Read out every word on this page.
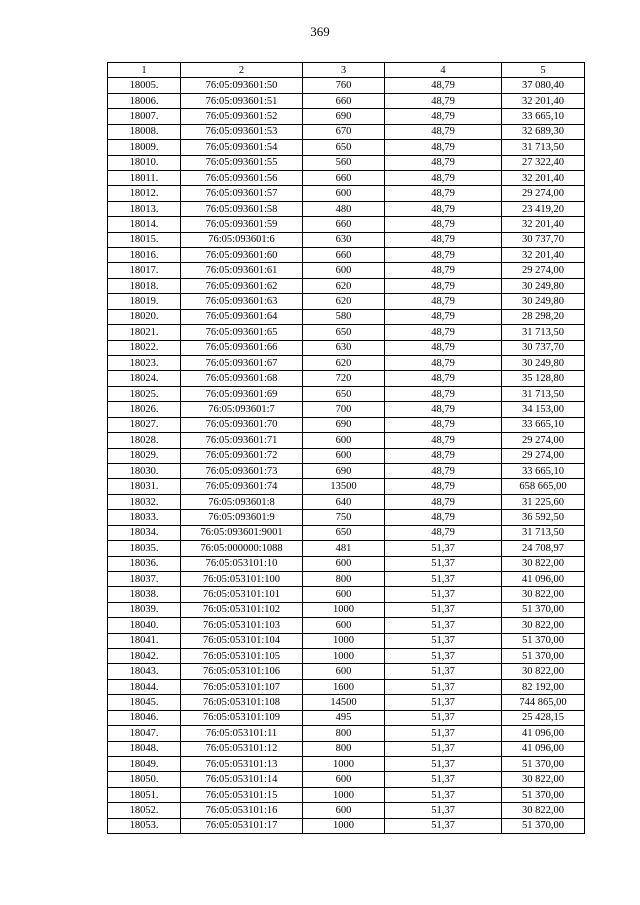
369
1	2	3	4	5
18005.	76:05:093601:50	760	48,79	37 080,40
18006.	76:05:093601:51	660	48,79	32 201,40
18007.	76:05:093601:52	690	48,79	33 665,10
18008.	76:05:093601:53	670	48,79	32 689,30
18009.	76:05:093601:54	650	48,79	31 713,50
18010.	76:05:093601:55	560	48,79	27 322,40
18011.	76:05:093601:56	660	48,79	32 201,40
18012.	76:05:093601:57	600	48,79	29 274,00
18013.	76:05:093601:58	480	48,79	23 419,20
18014.	76:05:093601:59	660	48,79	32 201,40
18015.	76:05:093601:6	630	48,79	30 737,70
18016.	76:05:093601:60	660	48,79	32 201,40
18017.	76:05:093601:61	600	48,79	29 274,00
18018.	76:05:093601:62	620	48,79	30 249,80
18019.	76:05:093601:63	620	48,79	30 249,80
18020.	76:05:093601:64	580	48,79	28 298,20
18021.	76:05:093601:65	650	48,79	31 713,50
18022.	76:05:093601:66	630	48,79	30 737,70
18023.	76:05:093601:67	620	48,79	30 249,80
18024.	76:05:093601:68	720	48,79	35 128,80
18025.	76:05:093601:69	650	48,79	31 713,50
18026.	76:05:093601:7	700	48,79	34 153,00
18027.	76:05:093601:70	690	48,79	33 665,10
18028.	76:05:093601:71	600	48,79	29 274,00
18029.	76:05:093601:72	600	48,79	29 274,00
18030.	76:05:093601:73	690	48,79	33 665,10
18031.	76:05:093601:74	13500	48,79	658 665,00
18032.	76:05:093601:8	640	48,79	31 225,60
18033.	76:05:093601:9	750	48,79	36 592,50
18034.	76:05:093601:9001	650	48,79	31 713,50
18035.	76:05:000000:1088	481	51,37	24 708,97
18036.	76:05:053101:10	600	51,37	30 822,00
18037.	76:05:053101:100	800	51,37	41 096,00
18038.	76:05:053101:101	600	51,37	30 822,00
18039.	76:05:053101:102	1000	51,37	51 370,00
18040.	76:05:053101:103	600	51,37	30 822,00
18041.	76:05:053101:104	1000	51,37	51 370,00
18042.	76:05:053101:105	1000	51,37	51 370,00
18043.	76:05:053101:106	600	51,37	30 822,00
18044.	76:05:053101:107	1600	51,37	82 192,00
18045.	76:05:053101:108	14500	51,37	744 865,00
18046.	76:05:053101:109	495	51,37	25 428,15
18047.	76:05:053101:11	800	51,37	41 096,00
18048.	76:05:053101:12	800	51,37	41 096,00
18049.	76:05:053101:13	1000	51,37	51 370,00
18050.	76:05:053101:14	600	51,37	30 822,00
18051.	76:05:053101:15	1000	51,37	51 370,00
18052.	76:05:053101:16	600	51,37	30 822,00
18053.	76:05:053101:17	1000	51,37	51 370,00
